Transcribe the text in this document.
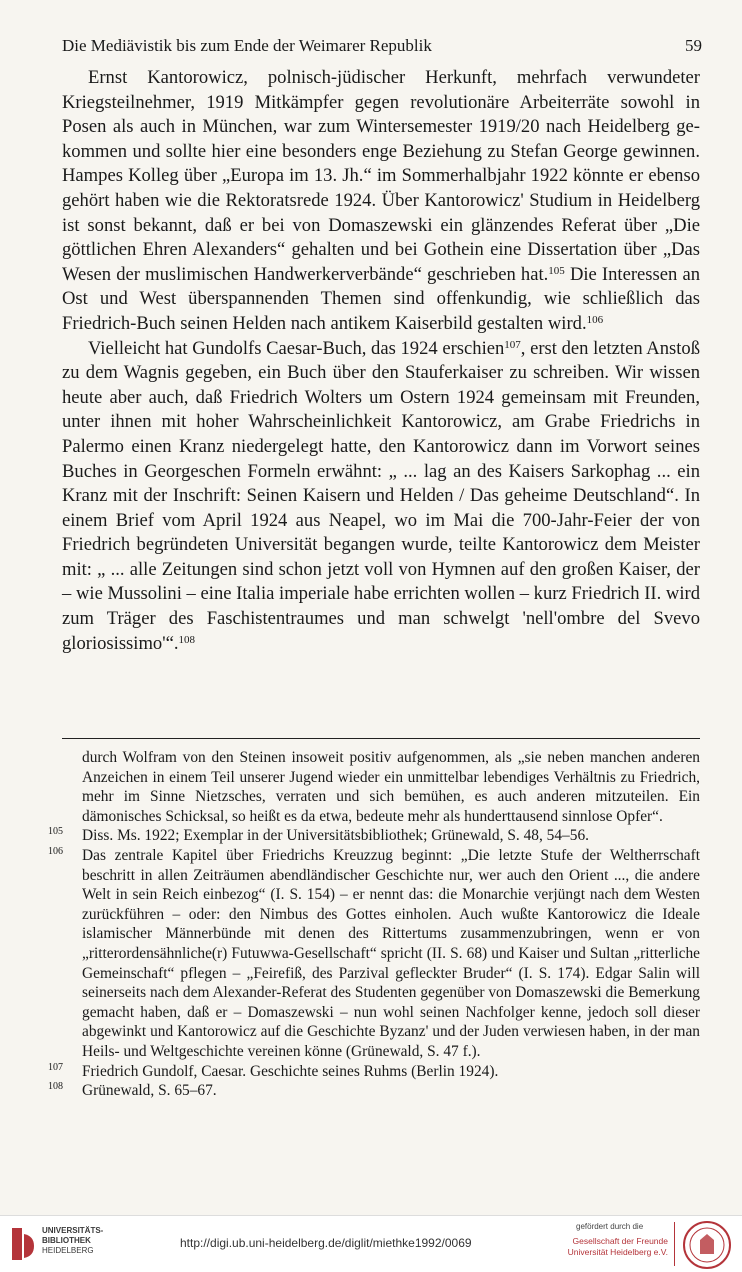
Die Mediävistik bis zum Ende der Weimarer Republik	59

Ernst Kantorowicz, polnisch-jüdischer Herkunft, mehrfach verwundeter Kriegsteilnehmer, 1919 Mitkämpfer gegen revolutionäre Arbeiterräte sowohl in Posen als auch in München, war zum Wintersemester 1919/20 nach Heidelberg gekommen und sollte hier eine besonders enge Beziehung zu Stefan George gewinnen. Hampes Kolleg über „Europa im 13. Jh.“ im Sommerhalbjahr 1922 könnte er ebenso gehört haben wie die Rektoratsrede 1924. Über Kantorowicz' Studium in Heidelberg ist sonst bekannt, daß er bei von Domaszewski ein glänzendes Referat über „Die göttlichen Ehren Alexanders“ gehalten und bei Gothein eine Dissertation über „Das Wesen der muslimischen Handwerkerverbände“ geschrieben hat.$^{105}$ Die Interessen an Ost und West überspannenden Themen sind offenkundig, wie schließlich das Friedrich-Buch seinen Helden nach antikem Kaiserbild gestalten wird.$^{106}$

Vielleicht hat Gundolfs Caesar-Buch, das 1924 erschien$^{107}$, erst den letzten Anstoß zu dem Wagnis gegeben, ein Buch über den Stauferkaiser zu schreiben. Wir wissen heute aber auch, daß Friedrich Wolters um Ostern 1924 gemeinsam mit Freunden, unter ihnen mit hoher Wahrscheinlichkeit Kantorowicz, am Grabe Friedrichs in Palermo einen Kranz niedergelegt hatte, den Kantorowicz dann im Vorwort seines Buches in Georgeschen Formeln erwähnt: „ ... lag an des Kaisers Sarkophag ... ein Kranz mit der Inschrift: Seinen Kaisern und Helden / Das geheime Deutschland“. In einem Brief vom April 1924 aus Neapel, wo im Mai die 700-Jahr-Feier der von Friedrich begründeten Universität begangen wurde, teilte Kantorowicz dem Meister mit: „ ... alle Zeitungen sind schon jetzt voll von Hymnen auf den großen Kaiser, der – wie Mussolini – eine Italia imperiale habe errichten wollen – kurz Friedrich II. wird zum Träger des Faschistentraumes und man schwelgt 'nell'ombre del Svevo gloriosissimo'“.$^{108}$

durch Wolfram von den Steinen insoweit positiv aufgenommen, als „sie neben manchen anderen Anzeichen in einem Teil unserer Jugend wieder ein unmittelbar lebendiges Verhältnis zu Friedrich, mehr im Sinne Nietzsches, verraten und sich bemühen, es auch anderen mitzuteilen. Ein dämonisches Schicksal, so heißt es da etwa, bedeute mehr als hunderttausend sinnlose Opfer“.

105 Diss. Ms. 1922; Exemplar in der Universitätsbibliothek; Grünewald, S. 48, 54–56.

106 Das zentrale Kapitel über Friedrichs Kreuzzug beginnt: „Die letzte Stufe der Weltherrschaft beschritt in allen Zeiträumen abendländischer Geschichte nur, wer auch den Orient ..., die andere Welt in sein Reich einbezog“ (I. S. 154) – er nennt das: die Monarchie verjüngt nach dem Westen zurückführen – oder: den Nimbus des Gottes einholen. Auch wußte Kantorowicz die Ideale islamischer Männerbünde mit denen des Rittertums zusammenzubringen, wenn er von „ritterordensähnliche(r) Futuwwa-Gesellschaft“ spricht (II. S. 68) und Kaiser und Sultan „ritterliche Gemeinschaft“ pflegen – „Feirefiß, des Parzival gefleckter Bruder“ (I. S. 174). Edgar Salin will seinerseits nach dem Alexander-Referat des Studenten gegenüber von Domaszewski die Bemerkung gemacht haben, daß er – Domaszewski – nun wohl seinen Nachfolger kenne, jedoch soll dieser abgewinkt und Kantorowicz auf die Geschichte Byzanz' und der Juden verwiesen haben, in der man Heils- und Weltgeschichte vereinen könne (Grünewald, S. 47 f.).

107 Friedrich Gundolf, Caesar. Geschichte seines Ruhms (Berlin 1924).

108 Grünewald, S. 65–67.

UNIVERSITÄTS-
BIBLIOTHEK
HEIDELBERG
http://digi.ub.uni-heidelberg.de/diglit/miethke1992/0069
gefördert durch die
Gesellschaft der Freunde
Universität Heidelberg e.V.
